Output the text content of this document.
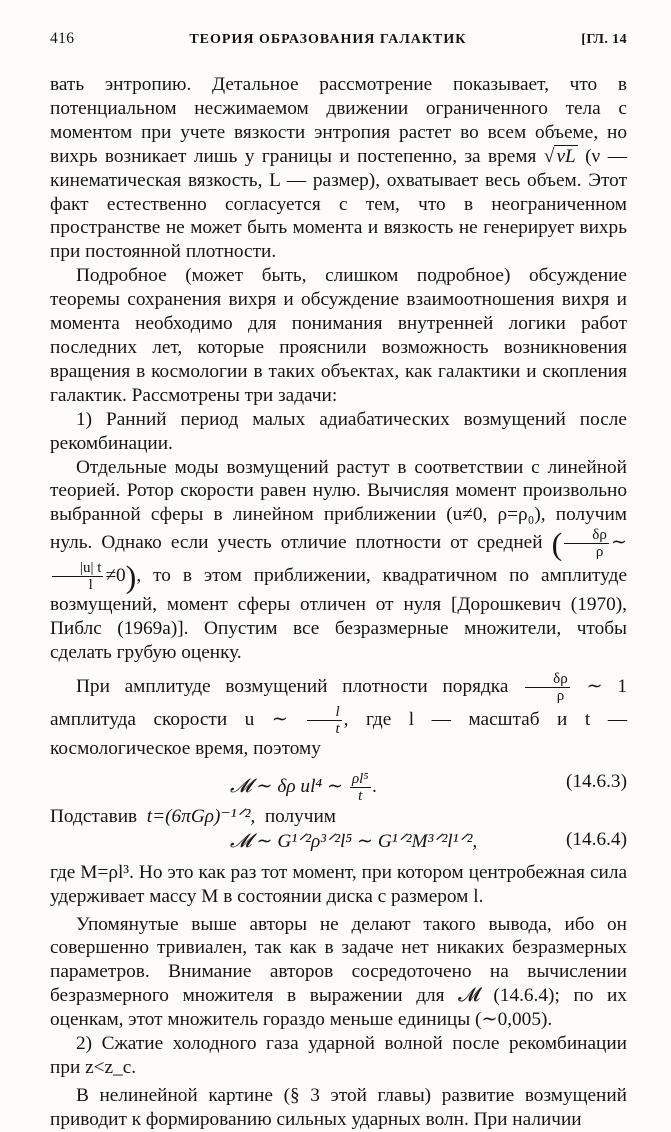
416	ТЕОРИЯ ОБРАЗОВАНИЯ ГАЛАКТИК	[ГЛ. 14

вать энтропию. Детальное рассмотрение показывает, что в потенциальном несжимаемом движении ограниченного тела с моментом при учете вязкости энтропия растет во всем объеме, но вихрь возникает лишь у границы и постепенно, за время √ νL (ν — кинематическая вязкость, L — размер), охватывает весь объем. Этот факт естественно согласуется с тем, что в неограниченном пространстве не может быть момента и вязкость не генерирует вихрь при постоянной плотности.

Подробное (может быть, слишком подробное) обсуждение теоремы сохранения вихря и обсуждение взаимоотношения вихря и момента необходимо для понимания внутренней логики работ последних лет, которые прояснили возможность возникновения вращения в космологии в таких объектах, как галактики и скопления галактик. Рассмотрены три задачи:

1) Ранний период малых адиабатических возмущений после рекомбинации.

Отдельные моды возмущений растут в соответствии с линейной теорией. Ротор скорости равен нулю. Вычисляя момент произвольно выбранной сферы в линейном приближении (u≠0, ρ=ρ₀), получим нуль. Однако если учесть отличие плотности от средней ( $\frac{\delta\rho}{\rho}$ ∼
$\frac{|u| t}{l} \ne 0$), то в этом приближении, квадратичном по амплитуде возмущений, момент сферы отличен от нуля [Дорошкевич (1970), Пиблс (1969а)]. Опустим все безразмерные множители, чтобы сделать грубую оценку.

При амплитуде возмущений плотности порядка $\frac{\delta\rho}{\rho}$ ∼ 1 амплитуда скорости u ∼ $\frac{l}{t}$ , где l — масштаб и t — космологическое время, поэтому

𝓜 ∼ δρ ul⁴ ∼ $\frac{\text{ρl⁵}}{t}$ .	(14.6.3)

Подставив t=(6πGρ)⁻¹ᐟ², получим

𝓜 ∼ G¹ᐟ²ρ³ᐟ²l⁵ ∼ G¹ᐟ²M³ᐟ²l¹ᐟ²,	(14.6.4)

где M=ρl³. Но это как раз тот момент, при котором центробежная сила удерживает массу M в состоянии диска с размером l.

Упомянутые выше авторы не делают такого вывода, ибо он совершенно тривиален, так как в задаче нет никаких безразмерных параметров. Внимание авторов сосредоточено на вычислении безразмерного множителя в выражении для 𝓜 (14.6.4); по их оценкам, этот множитель гораздо меньше единицы (∼0,005).

2) Сжатие холодного газа ударной волной после рекомбинации при z<z_c.

В нелинейной картине (§ 3 этой главы) развитие возмущений приводит к формированию сильных ударных волн. При наличии
